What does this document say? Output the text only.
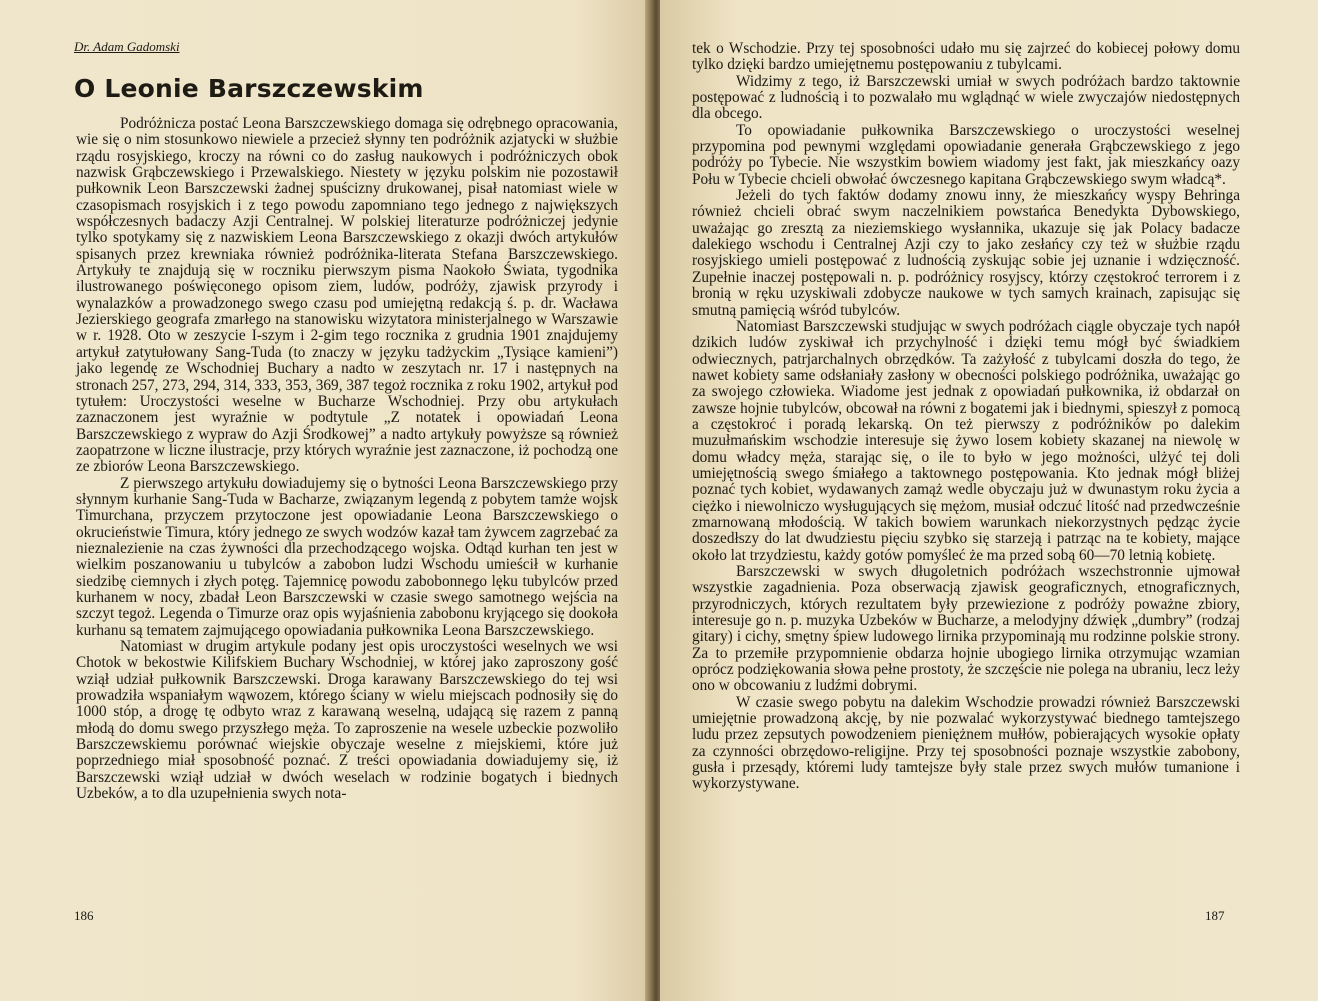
Dr. Adam Gadomski
O Leonie Barszczewskim

Podróżnicza postać Leona Barszczewskiego domaga się odrębnego opracowania, wie się o nim stosunkowo niewiele a przecież słynny ten podróżnik azjatycki w służbie rządu rosyjskiego, kroczy na równi co do zasług naukowych i podróżniczych obok nazwisk Grąbczewskiego i Przewalskiego. Niestety w języku polskim nie pozostawił pułkownik Leon Barszczewski żadnej spuścizny drukowanej, pisał natomiast wiele w czasopismach rosyjskich i z tego powodu zapomniano tego jednego z największych współczesnych badaczy Azji Centralnej. W polskiej literaturze podróżniczej jedynie tylko spotykamy się z nazwiskiem Leona Barszczewskiego z okazji dwóch artykułów spisanych przez krewniaka również podróżnika-literata Stefana Barszczewskiego. Artykuły te znajdują się w roczniku pierwszym pisma Naokoło Świata, tygodnika ilustrowanego poświęconego opisom ziem, ludów, podróży, zjawisk przyrody i wynalazków a prowadzonego swego czasu pod umiejętną redakcją ś. p. dr. Wacława Jezierskiego geografa zmarłego na stanowisku wizytatora ministerjalnego w Warszawie w r. 1928. Oto w zeszycie I-szym i 2-gim tego rocznika z grudnia 1901 znajdujemy artykuł zatytułowany Sang-Tuda (to znaczy w języku tadżyckim „Tysiące kamieni”) jako legendę ze Wschodniej Buchary a nadto w zeszytach nr. 17 i następnych na stronach 257, 273, 294, 314, 333, 353, 369, 387 tegoż rocznika z roku 1902, artykuł pod tytułem: Uroczystości weselne w Bucharze Wschodniej. Przy obu artykułach zaznaczonem jest wyraźnie w podtytule „Z notatek i opowiadań Leona Barszczewskiego z wypraw do Azji Środkowej” a nadto artykuły powyższe są również zaopatrzone w liczne ilustracje, przy których wyraźnie jest zaznaczone, iż pochodzą one ze zbiorów Leona Barszczewskiego.

Z pierwszego artykułu dowiadujemy się o bytności Leona Barszczewskiego przy słynnym kurhanie Sang-Tuda w Bacharze, związanym legendą z pobytem tamże wojsk Timurchana, przyczem przytoczone jest opowiadanie Leona Barszczewskiego o okrucieństwie Timura, który jednego ze swych wodzów kazał tam żywcem zagrzebać za nieznalezienie na czas żywności dla przechodzącego wojska. Odtąd kurhan ten jest w wielkim poszanowaniu u tubylców a zabobon ludzi Wschodu umieścił w kurhanie siedzibę ciemnych i złych potęg. Tajemnicę powodu zabobonnego lęku tubylców przed kurhanem w nocy, zbadał Leon Barszczewski w czasie swego samotnego wejścia na szczyt tegoż. Legenda o Timurze oraz opis wyjaśnienia zabobonu kryjącego się dookoła kurhanu są tematem zajmującego opowiadania pułkownika Leona Barszczewskiego.

Natomiast w drugim artykule podany jest opis uroczystości weselnych we wsi Chotok w bekostwie Kilifskiem Buchary Wschodniej, w której jako zaproszony gość wziął udział pułkownik Barszczewski. Droga karawany Barszczewskiego do tej wsi prowadziła wspaniałym wąwozem, którego ściany w wielu miejscach podnosiły się do 1000 stóp, a drogę tę odbyto wraz z karawaną weselną, udającą się razem z panną młodą do domu swego przyszłego męża. To zaproszenie na wesele uzbeckie pozwoliło Barszczewskiemu porównać wiejskie obyczaje weselne z miejskiemi, które już poprzedniego miał sposobność poznać. Z treści opowiadania dowiadujemy się, iż Barszczewski wziął udział w dwóch weselach w rodzinie bogatych i biednych Uzbeków, a to dla uzupełnienia swych nota-

186

tek o Wschodzie. Przy tej sposobności udało mu się zajrzeć do kobiecej połowy domu tylko dzięki bardzo umiejętnemu postępowaniu z tubylcami.

Widzimy z tego, iż Barszczewski umiał w swych podróżach bardzo taktownie postępować z ludnością i to pozwalało mu wglądnąć w wiele zwyczajów niedostępnych dla obcego.

To opowiadanie pułkownika Barszczewskiego o uroczystości weselnej przypomina pod pewnymi względami opowiadanie generała Grąbczewskiego z jego podróży po Tybecie. Nie wszystkim bowiem wiadomy jest fakt, jak mieszkańcy oazy Połu w Tybecie chcieli obwołać ówczesnego kapitana Grąbczewskiego swym władcą*.

Jeżeli do tych faktów dodamy znowu inny, że mieszkańcy wyspy Behringa również chcieli obrać swym naczelnikiem powstańca Benedykta Dybowskiego, uważając go zresztą za nieziemskiego wysłannika, ukazuje się jak Polacy badacze dalekiego wschodu i Centralnej Azji czy to jako zesłańcy czy też w służbie rządu rosyjskiego umieli postępować z ludnością zyskując sobie jej uznanie i wdzięczność. Zupełnie inaczej postępowali n. p. podróżnicy rosyjscy, którzy częstokroć terrorem i z bronią w ręku uzyskiwali zdobycze naukowe w tych samych krainach, zapisując się smutną pamięcią wśród tubylców.

Natomiast Barszczewski studjując w swych podróżach ciągle obyczaje tych napół dzikich ludów zyskiwał ich przychylność i dzięki temu mógł być świadkiem odwiecznych, patrjarchalnych obrzędków. Ta zażyłość z tubylcami doszła do tego, że nawet kobiety same odsłaniały zasłony w obecności polskiego podróżnika, uważając go za swojego człowieka. Wiadome jest jednak z opowiadań pułkownika, iż obdarzał on zawsze hojnie tubylców, obcował na równi z bogatemi jak i biednymi, spieszył z pomocą a częstokroć i poradą lekarską. On też pierwszy z podróżników po dalekim muzułmańskim wschodzie interesuje się żywo losem kobiety skazanej na niewolę w domu władcy męża, starając się, o ile to było w jego możności, ulżyć tej doli umiejętnością swego śmiałego a taktownego postępowania. Kto jednak mógł bliżej poznać tych kobiet, wydawanych zamąż wedle obyczaju już w dwunastym roku życia a ciężko i niewolniczo wysługujących się mężom, musiał odczuć litość nad przedwcześnie zmarnowaną młodością. W takich bowiem warunkach niekorzystnych pędząc życie doszedłszy do lat dwudziestu pięciu szybko się starzeją i patrząc na te kobiety, mające około lat trzydziestu, każdy gotów pomyśleć że ma przed sobą 60—70 letnią kobietę.

Barszczewski w swych długoletnich podróżach wszechstronnie ujmował wszystkie zagadnienia. Poza obserwacją zjawisk geograficznych, etnograficznych, przyrodniczych, których rezultatem były przewiezione z podróży poważne zbiory, interesuje go n. p. muzyka Uzbeków w Bucharze, a melodyjny dźwięk „dumbry” (rodzaj gitary) i cichy, smętny śpiew ludowego lirnika przypominają mu rodzinne polskie strony. Za to przemiłe przypomnienie obdarza hojnie ubogiego lirnika otrzymując wzamian oprócz podziękowania słowa pełne prostoty, że szczęście nie polega na ubraniu, lecz leży ono w obcowaniu z ludźmi dobrymi.

W czasie swego pobytu na dalekim Wschodzie prowadzi również Barszczewski umiejętnie prowadzoną akcję, by nie pozwalać wykorzystywać biednego tamtejszego ludu przez zepsutych powodzeniem pieniężnem mułłów, pobierających wysokie opłaty za czynności obrzędowo-religijne. Przy tej sposobności poznaje wszystkie zabobony, gusła i przesądy, któremi ludy tamtejsze były stale przez swych mułów tumanione i wykorzystywane.

187
